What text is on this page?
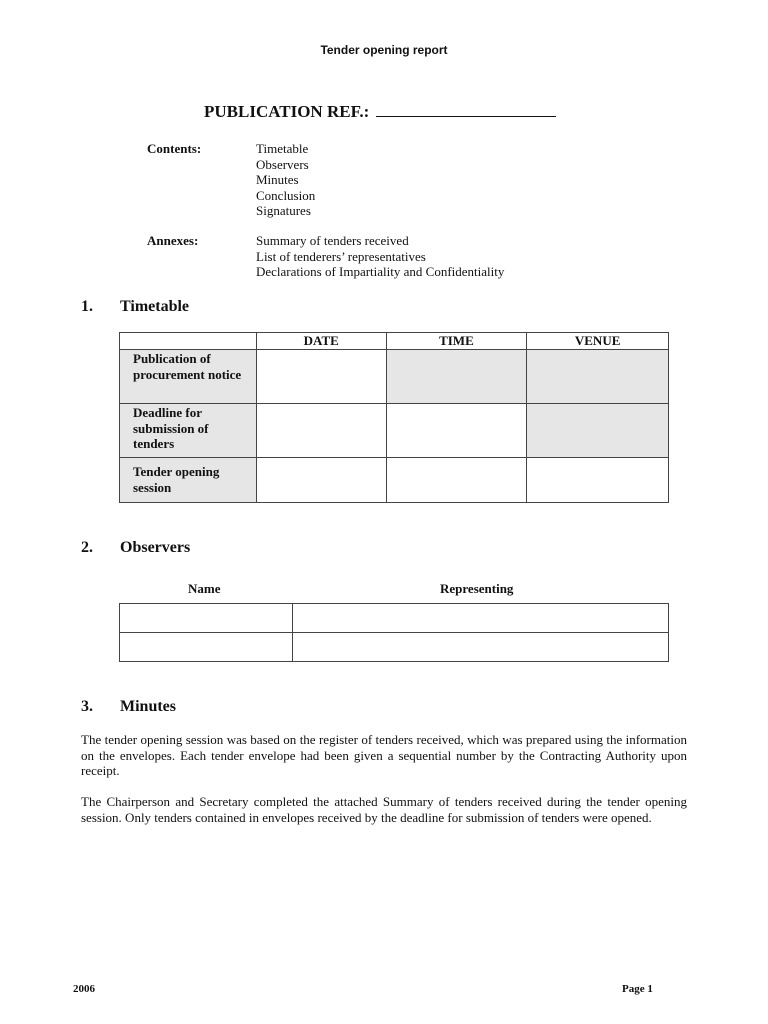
Tender opening report
PUBLICATION REF.:
Contents:	Timetable
Observers
Minutes
Conclusion
Signatures
Annexes:	Summary of tenders received
List of tenderers’ representatives
Declarations of Impartiality and Confidentiality
1. Timetable
	DATE	TIME	VENUE
Publication of procurement notice			
Deadline for submission of tenders			
Tender opening session			
2. Observers
Name	Representing

3. Minutes
The tender opening session was based on the register of tenders received, which was prepared using the information on the envelopes. Each tender envelope had been given a sequential number by the Contracting Authority upon receipt.
The Chairperson and Secretary completed the attached Summary of tenders received during the tender opening session. Only tenders contained in envelopes received by the deadline for submission of tenders were opened.
2006	Page 1
